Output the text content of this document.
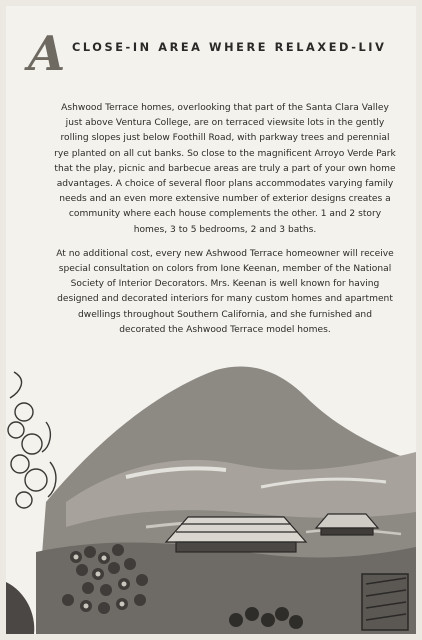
A CLOSE-IN AREA WHERE RELAXED-LIV

Ashwood Terrace homes, overlooking that part of the Santa Clara Valley just above Ventura College, are on terraced viewsite lots in the gently rolling slopes just below Foothill Road, with parkway trees and perennial rye planted on all cut banks. So close to the magnificent Arroyo Verde Park that the play, picnic and barbecue areas are truly a part of your own home advantages. A choice of several floor plans accommodates varying family needs and an even more extensive number of exterior designs creates a community where each house complements the other. 1 and 2 story homes, 3 to 5 bedrooms, 2 and 3 baths.

At no additional cost, every new Ashwood Terrace homeowner will receive special consultation on colors from Ione Keenan, member of the National Society of Interior Decorators. Mrs. Keenan is well known for having designed and decorated interiors for many custom homes and apartment dwellings throughout Southern California, and she furnished and decorated the Ashwood Terrace model homes.
